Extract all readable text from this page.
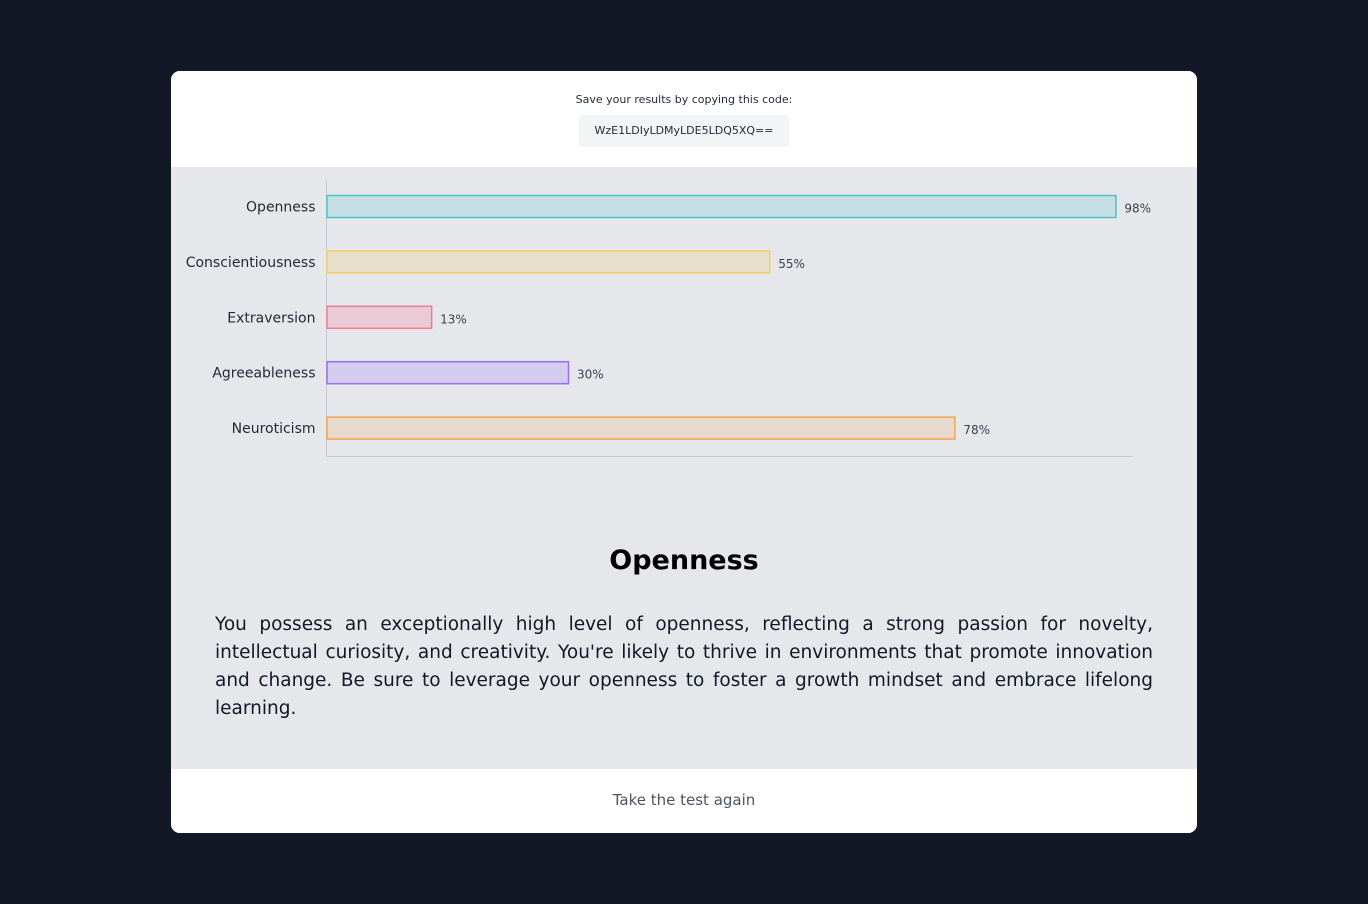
Save your results by copying this code:
WzE1LDIyLDMyLDE5LDQ5XQ==
Openness	98%
Conscientiousness	55%
Extraversion	13%
Agreeableness	30%
Neuroticism	78%
Openness

You possess an exceptionally high level of openness, reflecting a strong passion for novelty, intellectual curiosity, and creativity. You're likely to thrive in environments that promote innovation and change. Be sure to leverage your openness to foster a growth mindset and embrace lifelong learning.

Take the test again
